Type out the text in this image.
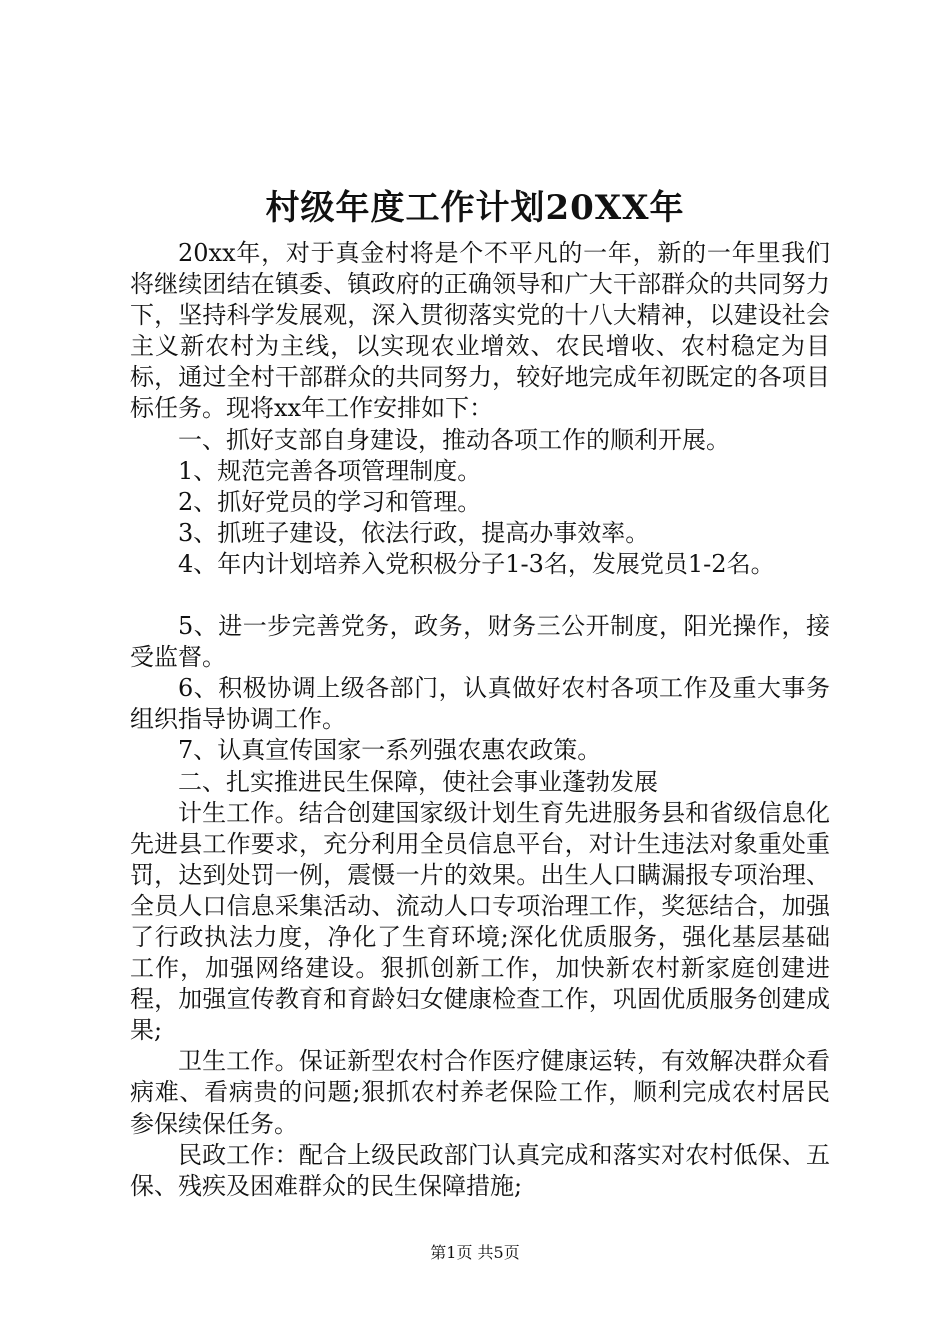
村级年度工作计划20XX年

20xx年，对于真金村将是个不平凡的一年，新的一年里我们将继续团结在镇委、镇政府的正确领导和广大干部群众的共同努力下，坚持科学发展观，深入贯彻落实党的十八大精神，以建设社会主义新农村为主线，以实现农业增效、农民增收、农村稳定为目标，通过全村干部群众的共同努力，较好地完成年初既定的各项目标任务。现将xx年工作安排如下：

一、抓好支部自身建设，推动各项工作的顺利开展。

1、规范完善各项管理制度。

2、抓好党员的学习和管理。

3、抓班子建设，依法行政，提高办事效率。

4、年内计划培养入党积极分子1-3名，发展党员1-2名。

5、进一步完善党务，政务，财务三公开制度，阳光操作，接受监督。

6、积极协调上级各部门，认真做好农村各项工作及重大事务组织指导协调工作。

7、认真宣传国家一系列强农惠农政策。

二、扎实推进民生保障，使社会事业蓬勃发展

计生工作。结合创建国家级计划生育先进服务县和省级信息化先进县工作要求，充分利用全员信息平台，对计生违法对象重处重罚，达到处罚一例，震慑一片的效果。出生人口瞒漏报专项治理、全员人口信息采集活动、流动人口专项治理工作，奖惩结合，加强了行政执法力度，净化了生育环境;深化优质服务，强化基层基础工作，加强网络建设。狠抓创新工作，加快新农村新家庭创建进程，加强宣传教育和育龄妇女健康检查工作，巩固优质服务创建成果;

卫生工作。保证新型农村合作医疗健康运转，有效解决群众看病难、看病贵的问题;狠抓农村养老保险工作，顺利完成农村居民参保续保任务。

民政工作：配合上级民政部门认真完成和落实对农村低保、五保、残疾及困难群众的民生保障措施;

第1页 共5页
